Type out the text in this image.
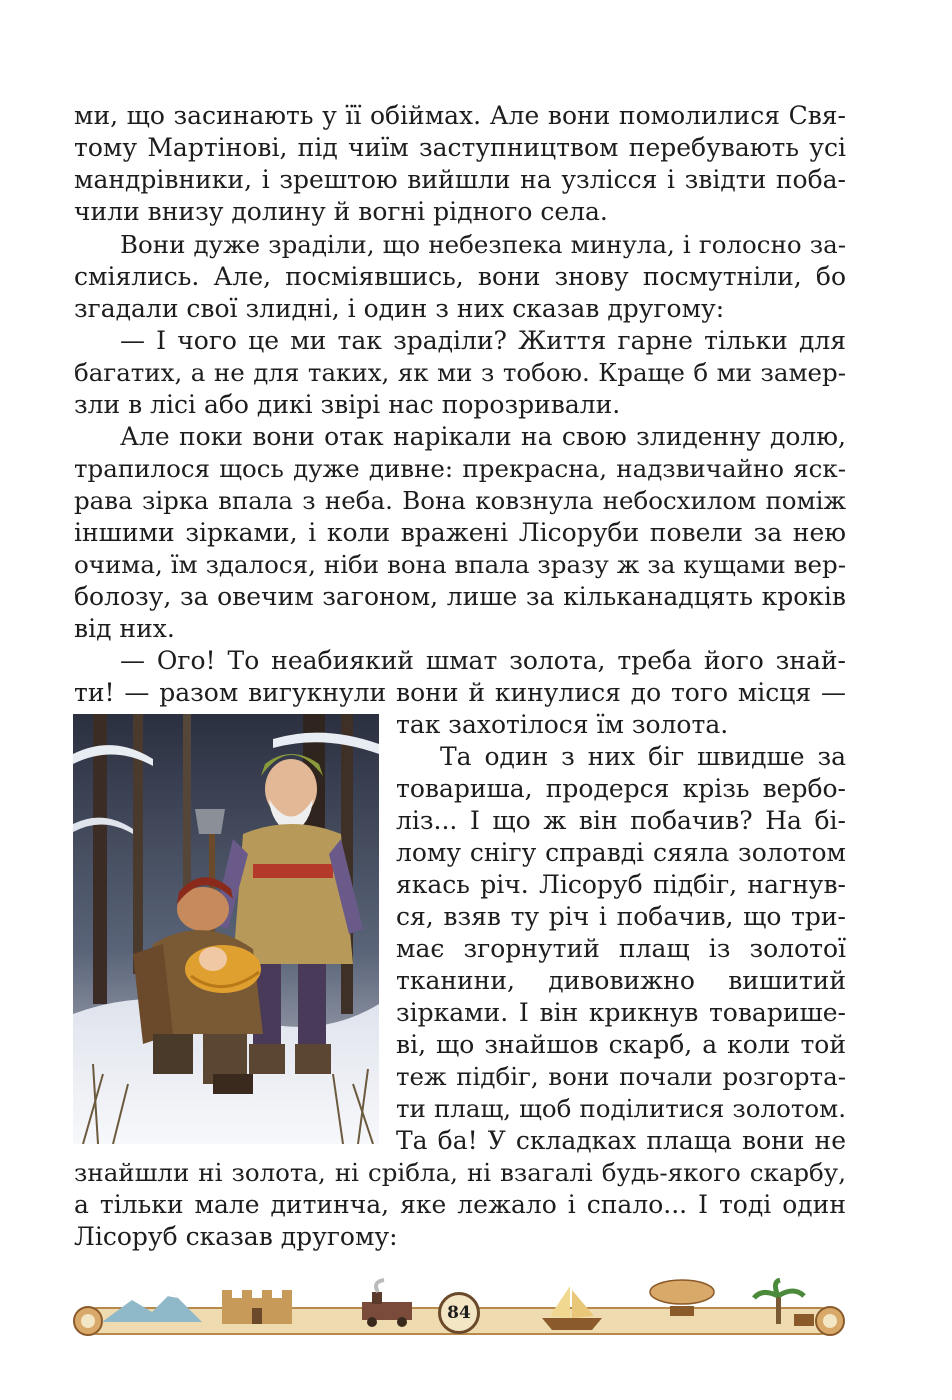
ми, що засинають у її обіймах. Але вони помолилися Свя-
тому Мартінові, під чиїм заступництвом перебувають усі
мандрівники, і зрештою вийшли на узлісся і звідти поба-
чили внизу долину й вогні рідного села.
Вони дуже зраділи, що небезпека минула, і голосно за-
сміялись. Але, посміявшись, вони знову посмутніли, бо
згадали свої злидні, і один з них сказав другому:
— І чого це ми так зраділи? Життя гарне тільки для
багатих, а не для таких, як ми з тобою. Краще б ми замер-
зли в лісі або дикі звірі нас порозривали.
Але поки вони отак нарікали на свою злиденну долю,
трапилося щось дуже дивне: прекрасна, надзвичайно яск-
рава зірка впала з неба. Вона ковзнула небосхилом поміж
іншими зірками, і коли вражені Лісоруби повели за нею
очима, їм здалося, ніби вона впала зразу ж за кущами вер-
болозу, за овечим загоном, лише за кільканадцять кроків
від них.
— Ого! То неабиякий шмат золота, треба його знай-
ти! — разом вигукнули вони й кинулися до того місця —
так захотілося їм золота.
Та один з них біг швидше за
товариша, продерся крізь вербо-
ліз... І що ж він побачив? На бі-
лому снігу справді сяяла золотом
якась річ. Лісоруб підбіг, нагнув-
ся, взяв ту річ і побачив, що три-
має згорнутий плащ із золотої
тканини, дивовижно вишитий
зірками. І він крикнув товарише-
ві, що знайшов скарб, а коли той
теж підбіг, вони почали розгорта-
ти плащ, щоб поділитися золотом.
Та ба! У складках плаща вони не
знайшли ні золота, ні срібла, ні взагалі будь-якого скарбу,
а тільки мале дитинча, яке лежало і спало... І тоді один
Лісоруб сказав другому:
84
